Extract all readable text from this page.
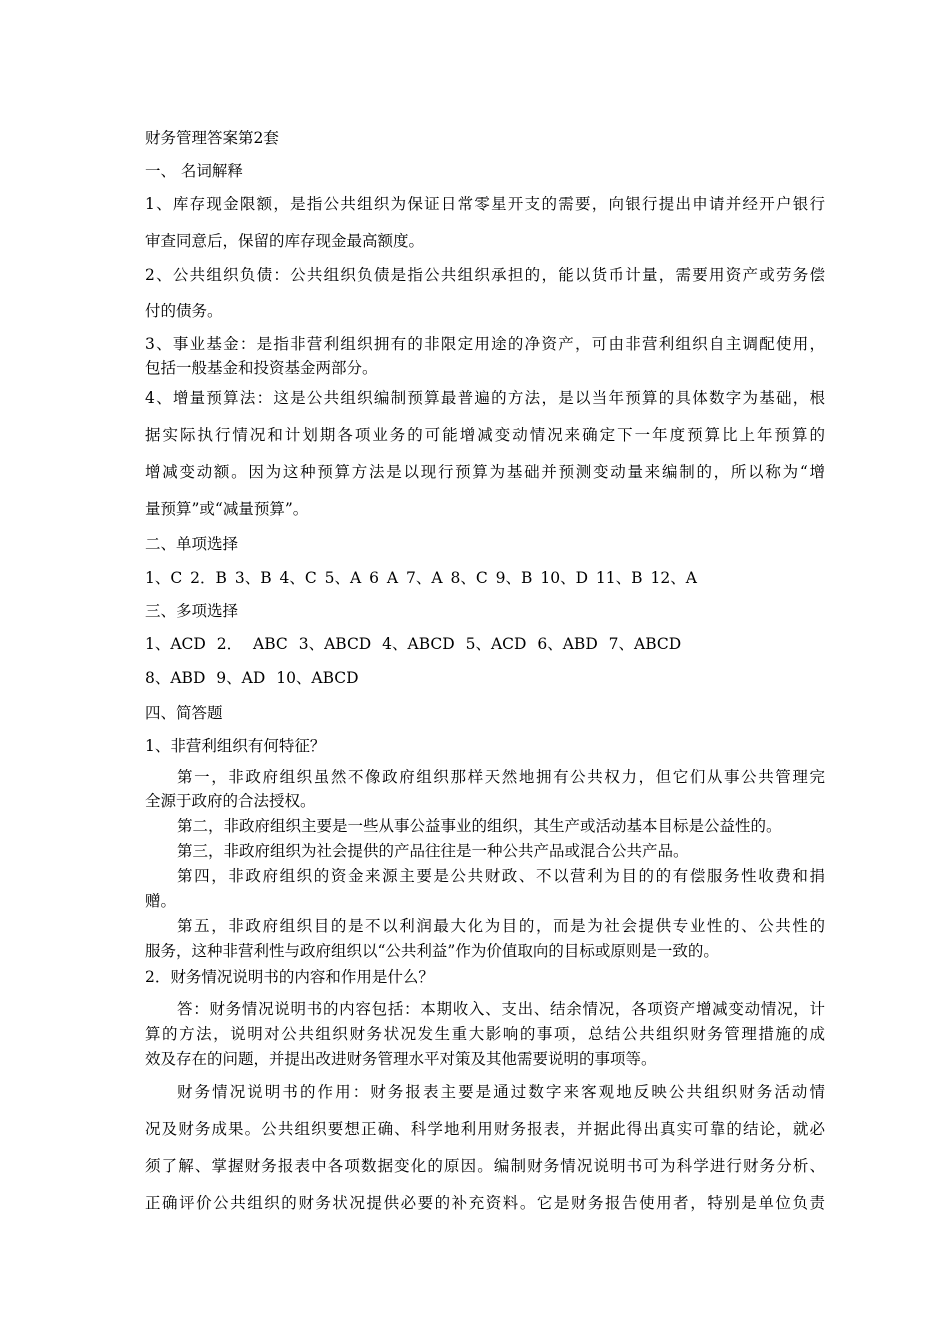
财务管理答案第2套
一、 名词解释
1、库存现金限额，是指公共组织为保证日常零星开支的需要，向银行提出申请并经开户银行
审查同意后，保留的库存现金最高额度。
2、公共组织负债：公共组织负债是指公共组织承担的，能以货币计量，需要用资产或劳务偿
付的债务。
3、事业基金：是指非营利组织拥有的非限定用途的净资产，可由非营利组织自主调配使用，
包括一般基金和投资基金两部分。
4、增量预算法：这是公共组织编制预算最普遍的方法，是以当年预算的具体数字为基础，根
据实际执行情况和计划期各项业务的可能增减变动情况来确定下一年度预算比上年预算的
增减变动额。因为这种预算方法是以现行预算为基础并预测变动量来编制的，所以称为“增
量预算”或“减量预算”。
二、单项选择
1、C 2．B 3、B 4、C 5、A 6 A 7、A 8、C 9、B 10、D 11、B 12、A
三、多项选择
1、ACD 2． ABC 3、ABCD 4、ABCD 5、ACD 6、ABD 7、ABCD
8、ABD 9、AD 10、ABCD
四、简答题
1、非营利组织有何特征？
第一，非政府组织虽然不像政府组织那样天然地拥有公共权力，但它们从事公共管理完
全源于政府的合法授权。
第二，非政府组织主要是一些从事公益事业的组织，其生产或活动基本目标是公益性的。
第三，非政府组织为社会提供的产品往往是一种公共产品或混合公共产品。
第四，非政府组织的资金来源主要是公共财政、不以营利为目的的有偿服务性收费和捐
赠。
第五，非政府组织目的是不以利润最大化为目的，而是为社会提供专业性的、公共性的
服务，这种非营利性与政府组织以“公共利益”作为价值取向的目标或原则是一致的。
2．财务情况说明书的内容和作用是什么？
答：财务情况说明书的内容包括：本期收入、支出、结余情况，各项资产增减变动情况，计
算的方法，说明对公共组织财务状况发生重大影响的事项，总结公共组织财务管理措施的成
效及存在的问题，并提出改进财务管理水平对策及其他需要说明的事项等。
财务情况说明书的作用：财务报表主要是通过数字来客观地反映公共组织财务活动情
况及财务成果。公共组织要想正确、科学地利用财务报表，并据此得出真实可靠的结论，就必
须了解、掌握财务报表中各项数据变化的原因。编制财务情况说明书可为科学进行财务分析、
正确评价公共组织的财务状况提供必要的补充资料。它是财务报告使用者，特别是单位负责
